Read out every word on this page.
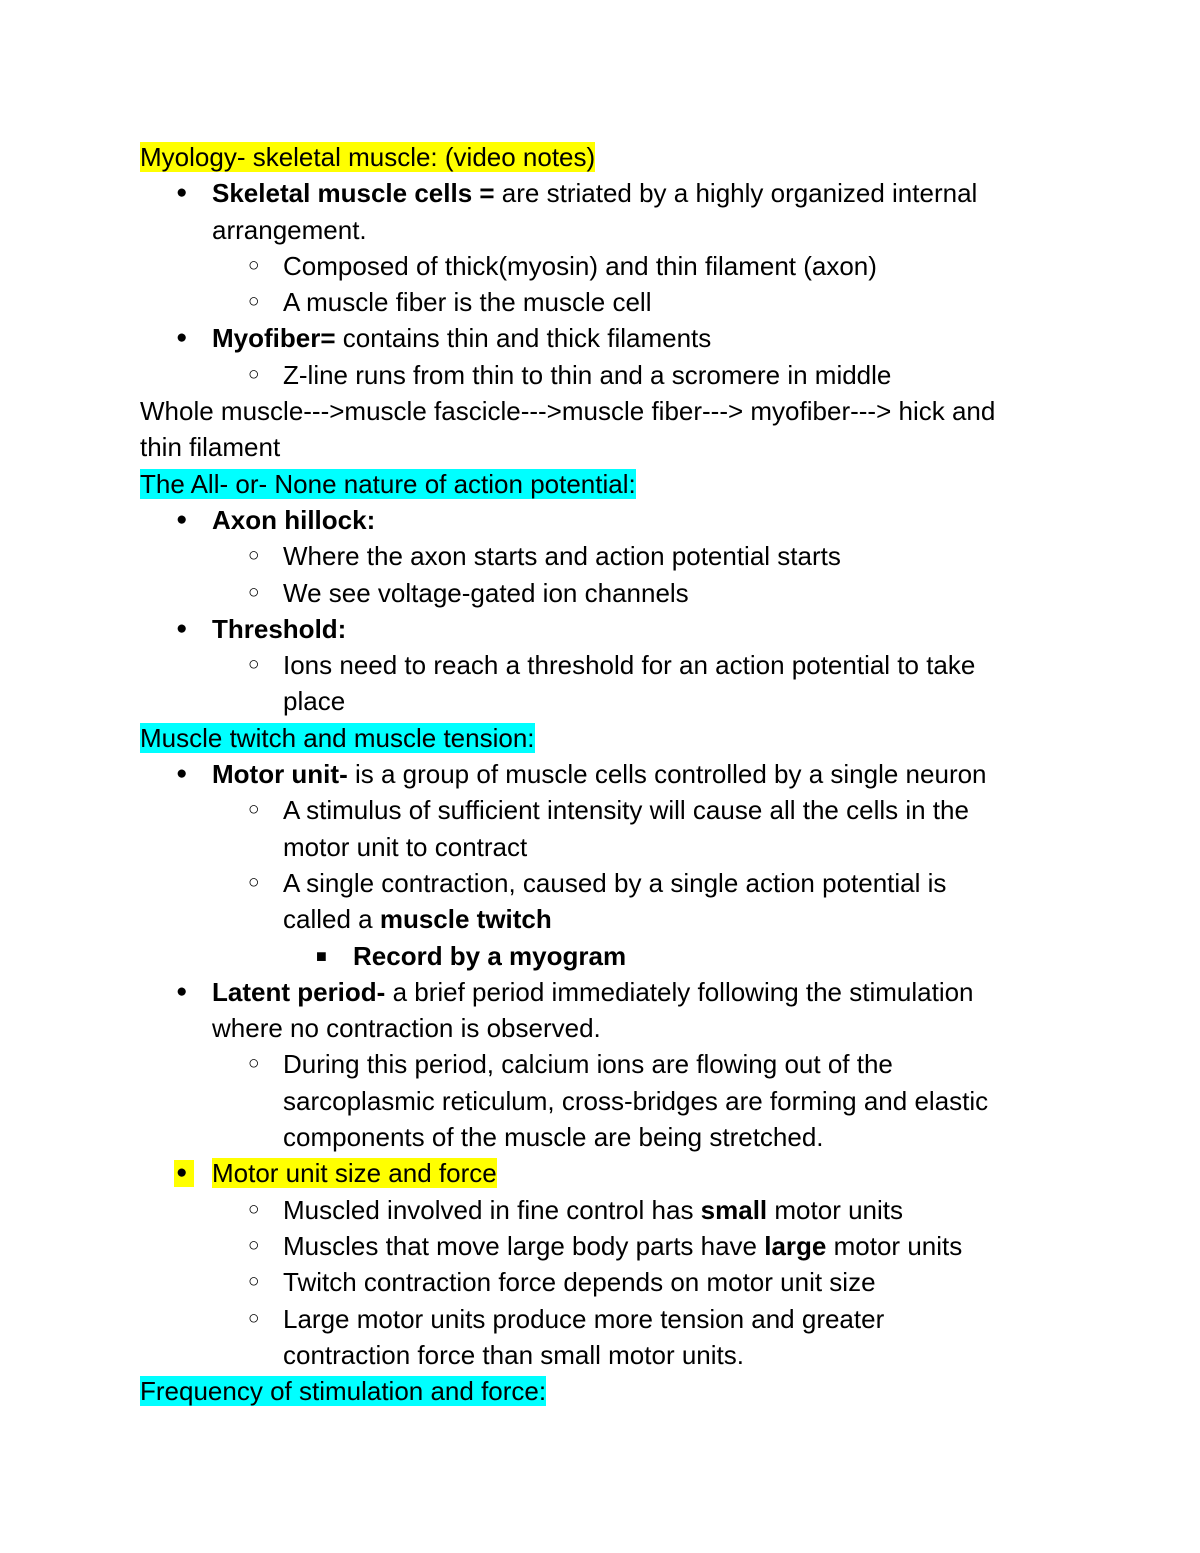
Myology- skeletal muscle: (video notes)
● Skeletal muscle cells = are striated by a highly organized internal
arrangement.
○ Composed of thick(myosin) and thin filament (axon)
○ A muscle fiber is the muscle cell
● Myofiber= contains thin and thick filaments
○ Z-line runs from thin to thin and a scromere in middle
Whole muscle--->muscle fascicle--->muscle fiber---> myofiber---> hick and
thin filament
The All- or- None nature of action potential:
● Axon hillock:
○ Where the axon starts and action potential starts
○ We see voltage-gated ion channels
● Threshold:
○ Ions need to reach a threshold for an action potential to take
place
Muscle twitch and muscle tension:
● Motor unit- is a group of muscle cells controlled by a single neuron
○ A stimulus of sufficient intensity will cause all the cells in the
motor unit to contract
○ A single contraction, caused by a single action potential is
called a muscle twitch
■	Record by a myogram
● Latent period- a brief period immediately following the stimulation
where no contraction is observed.
○ During this period, calcium ions are flowing out of the
sarcoplasmic reticulum, cross-bridges are forming and elastic
components of the muscle are being stretched.
● Motor unit size and force
○ Muscled involved in fine control has small motor units
○ Muscles that move large body parts have large motor units
○ Twitch contraction force depends on motor unit size
○ Large motor units produce more tension and greater
contraction force than small motor units.
Frequency of stimulation and force:
